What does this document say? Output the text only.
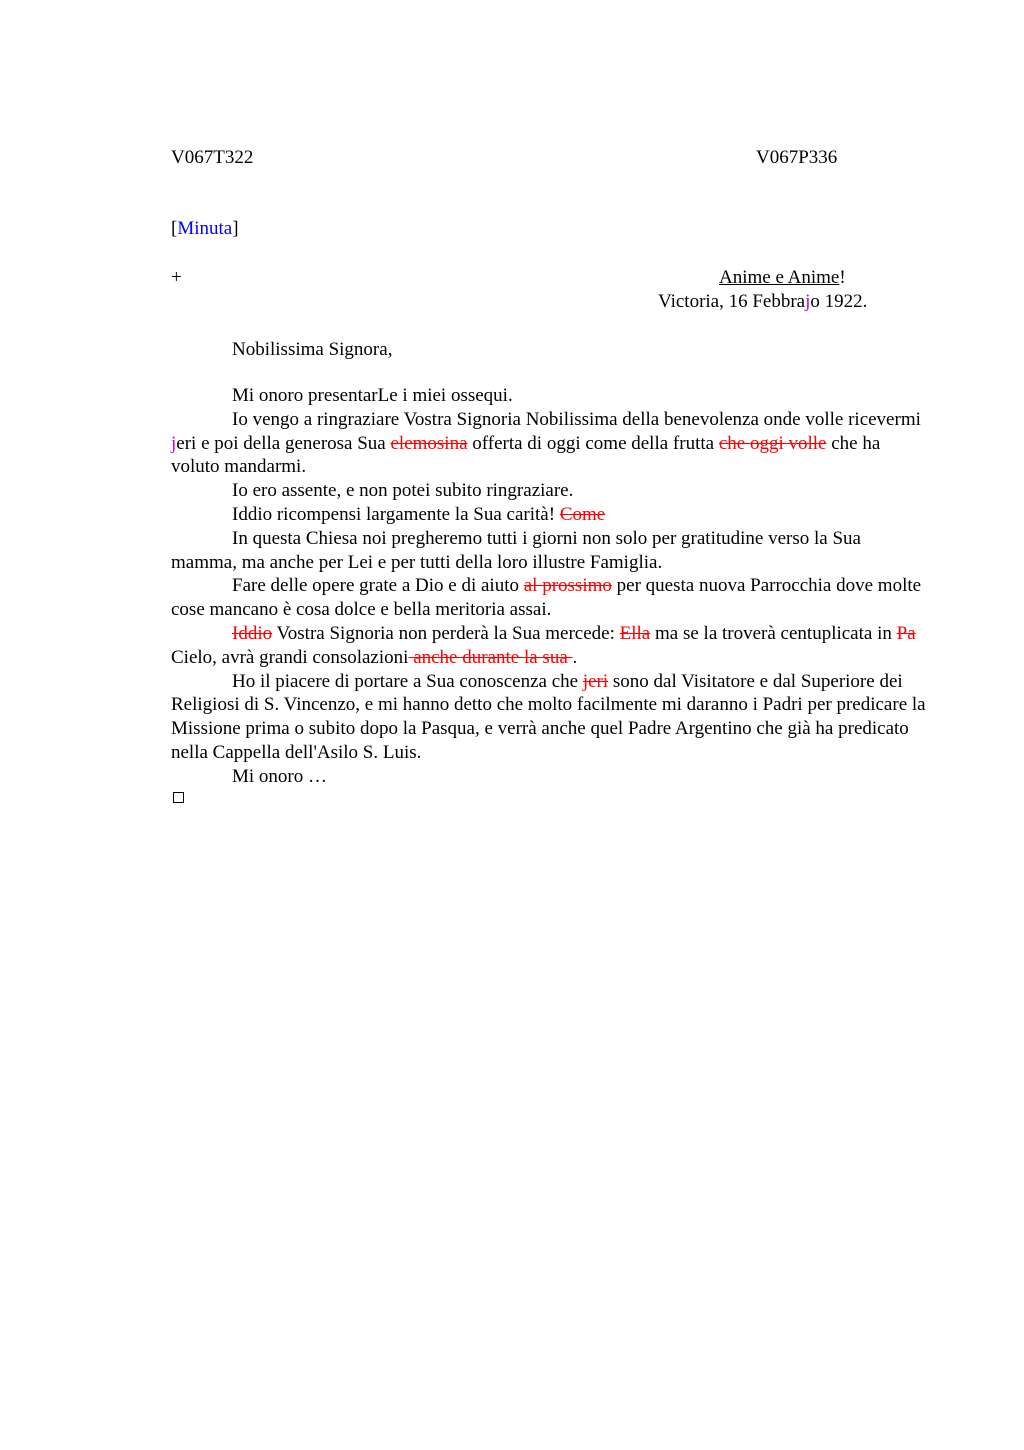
V067T322	V067P336
[Minuta]
+	Anime e Anime!
Victoria, 16 Febbrajo 1922.
Nobilissima Signora,

Mi onoro presentarLe i miei ossequi.

Io vengo a ringraziare Vostra Signoria Nobilissima della benevolenza onde volle ricevermi jeri e poi della generosa Sua elemosina offerta di oggi come della frutta che oggi volle che ha voluto mandarmi.

Io ero assente, e non potei subito ringraziare.

Iddio ricompensi largamente la Sua carità! Come

In questa Chiesa noi pregheremo tutti i giorni non solo per gratitudine verso la Sua mamma, ma anche per Lei e per tutti della loro illustre Famiglia.

Fare delle opere grate a Dio e di aiuto al prossimo per questa nuova Parrocchia dove molte cose mancano è cosa dolce e bella meritoria assai.

Iddio Vostra Signoria non perderà la Sua mercede: Ella ma se la troverà centuplicata in Pa Cielo, avrà grandi consolazioni anche durante la sua .

Ho il piacere di portare a Sua conoscenza che jeri sono dal Visitatore e dal Superiore dei Religiosi di S. Vincenzo, e mi hanno detto che molto facilmente mi daranno i Padri per predicare la Missione prima o subito dopo la Pasqua, e verrà anche quel Padre Argentino che già ha predicato nella Cappella dell'Asilo S. Luis.

Mi onoro …
